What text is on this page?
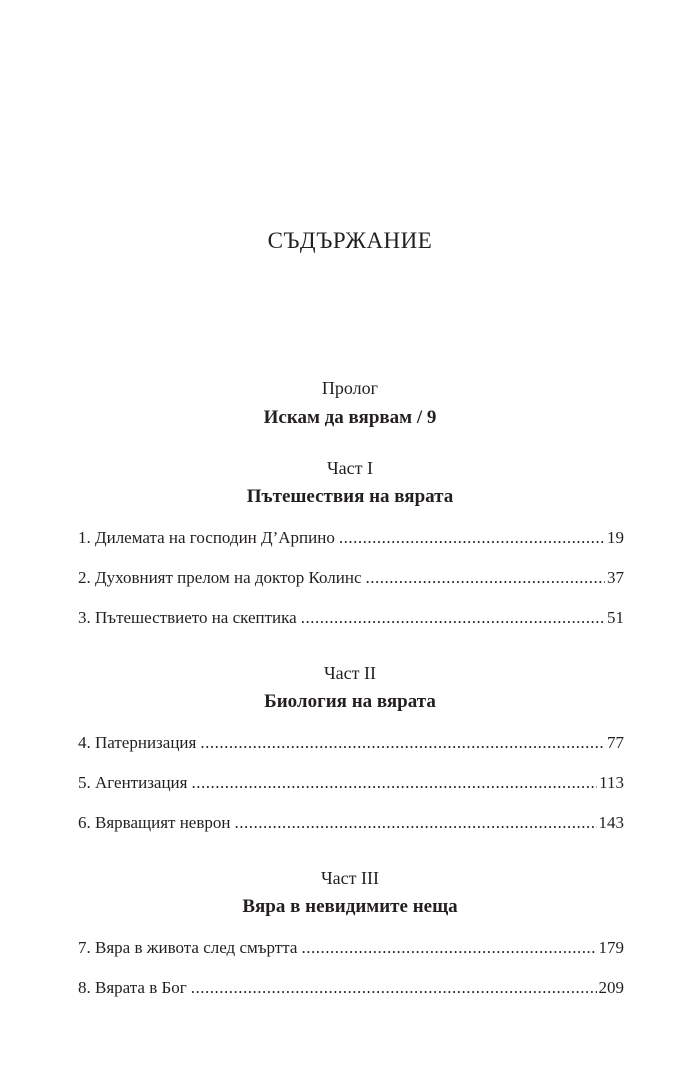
СЪДЪРЖАНИЕ
Пролог
Искам да вярвам / 9
Част I
Пътешествия на вярата
1. Дилемата на господин Д’Арпино .....	19
2. Духовният прелом на доктор Колинс .....	37
3. Пътешествието на скептика .....	51
Част II
Биология на вярата
4. Патернизация .....	77
5. Агентизация .....	113
6. Вярващият неврон .....	143
Част III
Вяра в невидимите неща
7. Вяра в живота след смъртта .....	179
8. Вярата в Бог .....	209
